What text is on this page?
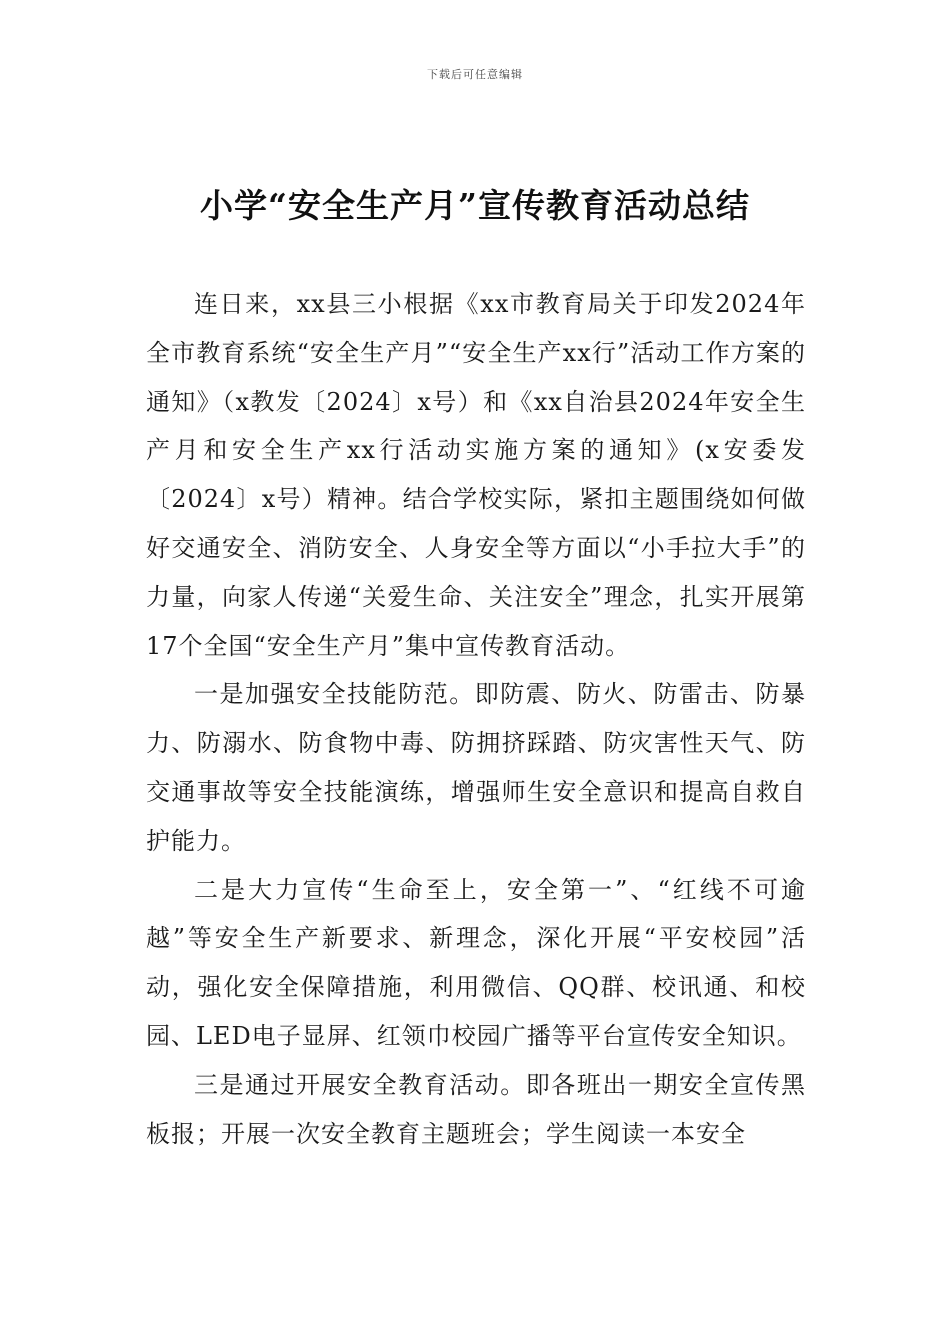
下载后可任意编辑
小学“安全生产月”宣传教育活动总结

连日来，xx县三小根据《xx市教育局关于印发2024年全市教育系统“安全生产月”“安全生产xx行”活动工作方案的通知》（x教发〔2024〕x号）和《xx自治县2024年安全生产月和安全生产xx行活动实施方案的通知》(x安委发〔2024〕x号）精神。结合学校实际，紧扣主题围绕如何做好交通安全、消防安全、人身安全等方面以“小手拉大手”的力量，向家人传递“关爱生命、关注安全”理念，扎实开展第17个全国“安全生产月”集中宣传教育活动。

一是加强安全技能防范。即防震、防火、防雷击、防暴力、防溺水、防食物中毒、防拥挤踩踏、防灾害性天气、防交通事故等安全技能演练，增强师生安全意识和提高自救自护能力。

二是大力宣传“生命至上，安全第一”、“红线不可逾越”等安全生产新要求、新理念，深化开展“平安校园”活动，强化安全保障措施，利用微信、QQ群、校讯通、和校园、LED电子显屏、红领巾校园广播等平台宣传安全知识。

三是通过开展安全教育活动。即各班出一期安全宣传黑板报；开展一次安全教育主题班会；学生阅读一本安全
